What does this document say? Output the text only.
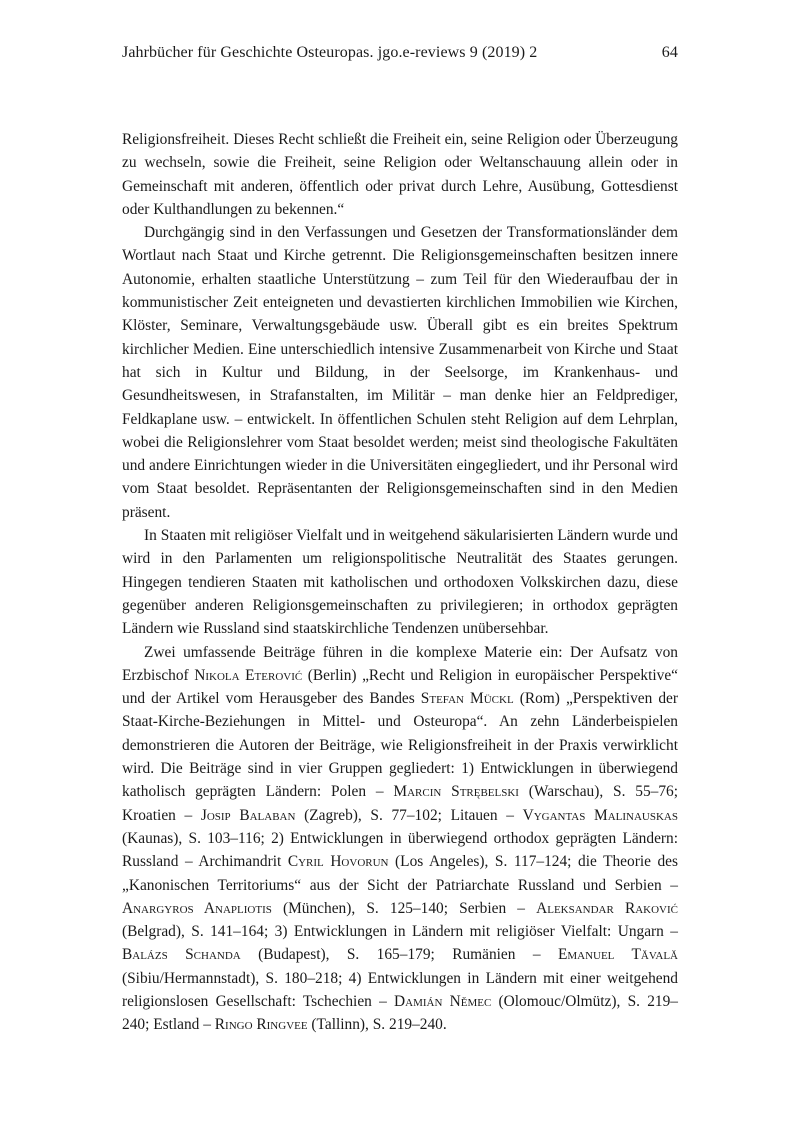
Jahrbücher für Geschichte Osteuropas. jgo.e-reviews 9 (2019) 2	64

Religionsfreiheit. Dieses Recht schließt die Freiheit ein, seine Religion oder Überzeugung zu wechseln, sowie die Freiheit, seine Religion oder Weltanschauung allein oder in Gemeinschaft mit anderen, öffentlich oder privat durch Lehre, Ausübung, Gottesdienst oder Kulthandlungen zu bekennen.“

Durchgängig sind in den Verfassungen und Gesetzen der Transformationsländer dem Wortlaut nach Staat und Kirche getrennt. Die Religionsgemeinschaften besitzen innere Autonomie, erhalten staatliche Unterstützung – zum Teil für den Wiederaufbau der in kommunistischer Zeit enteigneten und devastierten kirchlichen Immobilien wie Kirchen, Klöster, Seminare, Verwaltungsgebäude usw. Überall gibt es ein breites Spektrum kirchlicher Medien. Eine unterschiedlich intensive Zusammenarbeit von Kirche und Staat hat sich in Kultur und Bildung, in der Seelsorge, im Krankenhaus- und Gesundheitswesen, in Strafanstalten, im Militär – man denke hier an Feldprediger, Feldkaplane usw. – entwickelt. In öffentlichen Schulen steht Religion auf dem Lehrplan, wobei die Religionslehrer vom Staat besoldet werden; meist sind theologische Fakultäten und andere Einrichtungen wieder in die Universitäten eingegliedert, und ihr Personal wird vom Staat besoldet. Repräsentanten der Religionsgemeinschaften sind in den Medien präsent.

In Staaten mit religiöser Vielfalt und in weitgehend säkularisierten Ländern wurde und wird in den Parlamenten um religionspolitische Neutralität des Staates gerungen. Hingegen tendieren Staaten mit katholischen und orthodoxen Volkskirchen dazu, diese gegenüber anderen Religionsgemeinschaften zu privilegieren; in orthodox geprägten Ländern wie Russland sind staatskirchliche Tendenzen unübersehbar.

Zwei umfassende Beiträge führen in die komplexe Materie ein: Der Aufsatz von Erzbischof Nikola Eterović (Berlin) „Recht und Religion in europäischer Perspektive“ und der Artikel vom Herausgeber des Bandes Stefan Mückl (Rom) „Perspektiven der Staat-Kirche-Beziehungen in Mittel- und Osteuropa“. An zehn Länderbeispielen demonstrieren die Autoren der Beiträge, wie Religionsfreiheit in der Praxis verwirklicht wird. Die Beiträge sind in vier Gruppen gegliedert: 1) Entwicklungen in überwiegend katholisch geprägten Ländern: Polen – Marcin Strębelski (Warschau), S. 55–76; Kroatien – Josip Balaban (Zagreb), S. 77–102; Litauen – Vygantas Malinauskas (Kaunas), S. 103–116; 2) Entwicklungen in überwiegend orthodox geprägten Ländern: Russland – Archimandrit Cyril Hovorun (Los Angeles), S. 117–124; die Theorie des „Kanonischen Territoriums“ aus der Sicht der Patriarchate Russland und Serbien – Anargyros Anapliotis (München), S. 125–140; Serbien – Aleksandar Raković (Belgrad), S. 141–164; 3) Entwicklungen in Ländern mit religiöser Vielfalt: Ungarn – Balázs Schanda (Budapest), S. 165–179; Rumänien – Emanuel Tăvală (Sibiu/Hermannstadt), S. 180–218; 4) Entwicklungen in Ländern mit einer weitgehend religionslosen Gesellschaft: Tschechien – Damián Němec (Olomouc/Olmütz), S. 219–240; Estland – Ringo Ringvee (Tallinn), S. 219–240.
